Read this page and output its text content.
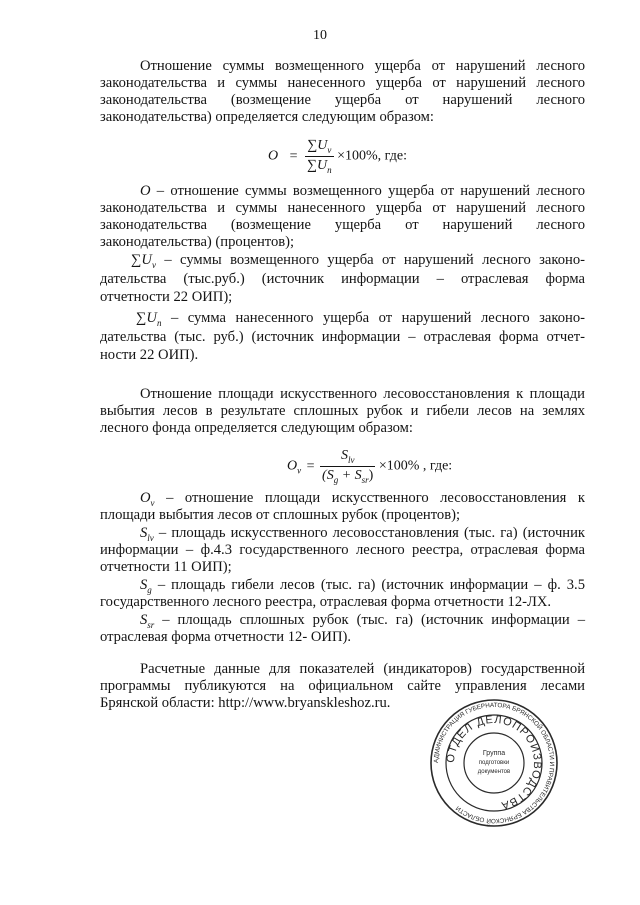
10
Отношение суммы возмещенного ущерба от нарушений лесного
законодательства и суммы нанесенного ущерба от нарушений лесного
законодательства (возмещение ущерба от нарушений лесного
законодательства) определяется следующим образом:
$O = \frac{\sum U_v}{\sum U_n} \times 100\%$, где:
O – отношение суммы возмещенного ущерба от нарушений лесного
законодательства и суммы нанесенного ущерба от нарушений лесного
законодательства (возмещение ущерба от нарушений лесного
законодательства) (процентов);
$\sum U_v$ – суммы возмещенного ущерба от нарушений лесного законо-
дательства (тыс.руб.) (источник информации – отраслевая форма
отчетности 22 ОИП);
$\sum U_n$ – сумма нанесенного ущерба от нарушений лесного законо-
дательства (тыс. руб.) (источник информации – отраслевая форма отчет-
ности 22 ОИП).
Отношение площади искусственного лесовосстановления к площади
выбытия лесов в результате сплошных рубок и гибели лесов на землях
лесного фонда определяется следующим образом:
$O_v = \frac{S_{lv}}{(S_g + S_{sr})} \times 100\%$ , где:
$O_v$ – отношение площади искусственного лесовосстановления к
площади выбытия лесов от сплошных рубок (процентов);
$S_{lv}$ – площадь искусственного лесовосстановления (тыс. га) (источник
информации – ф.4.3 государственного лесного реестра, отраслевая форма
отчетности 11 ОИП);
$S_g$ – площадь гибели лесов (тыс. га) (источник информации – ф. 3.5
государственного лесного реестра, отраслевая форма отчетности 12-ЛХ.
$S_{sr}$ – площадь сплошных рубок (тыс. га) (источник информации –
отраслевая форма отчетности 12- ОИП).
Расчетные данные для показателей (индикаторов) государственной
программы публикуются на официальном сайте управления лесами
Брянской области: http://www.bryanskleshoz.ru.
АДМИНИСТРАЦИЯ ГУБЕРНАТОРА БРЯНСКОЙ ОБЛАСТИ И ПРАВИТЕЛЬСТВА БРЯНСКОЙ ОБЛАСТИ
ОТДЕЛ ДЕЛОПРОИЗВОДСТВА
Группа
подготовки
документов
